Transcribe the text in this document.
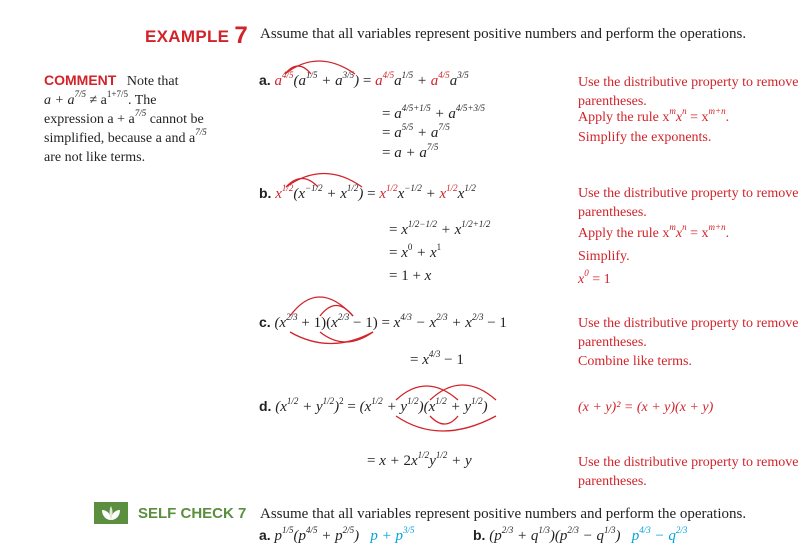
EXAMPLE 7 Assume that all variables represent positive numbers and perform the operations.
COMMENT Note that
$a + a^{7/5} \ne a^{1+7/5}$. The
expression $a + a^{7/5}$ cannot be
simplified, because a and $a^{7/5}$
are not like terms.
a. $a^{4/5}(a^{1/5} + a^{3/5}) = a^{4/5}a^{1/5} + a^{4/5}a^{3/5}$
= $a^{4/5+1/5} + a^{4/5+3/5}$
= $a^{5/5} + a^{7/5}$
= $a + a^{7/5}$
Use the distributive property to remove
parentheses.
Apply the rule $x^mx^n = x^{m+n}$.
Simplify the exponents.
b. $x^{1/2}(x^{-1/2} + x^{1/2}) = x^{1/2}x^{-1/2} + x^{1/2}x^{1/2}$
= $x^{1/2-1/2} + x^{1/2+1/2}$
= $x^0 + x^1$
= 1 + x
Use the distributive property to remove
parentheses.
Apply the rule $x^mx^n = x^{m+n}$.
Simplify.
$x^0 = 1$
c. $(x^{2/3} + 1)(x^{2/3} - 1) = x^{4/3} - x^{2/3} + x^{2/3} - 1$
= $x^{4/3} - 1$
Use the distributive property to remove
parentheses.
Combine like terms.
d. $(x^{1/2} + y^{1/2})^2 = (x^{1/2} + y^{1/2})(x^{1/2} + y^{1/2})$
= $x + 2x^{1/2}y^{1/2} + y$
(x + y)² = (x + y)(x + y)
Use the distributive property to remove
parentheses.
SELF CHECK 7 Assume that all variables represent positive numbers and perform the operations.
a. $p^{1/5}(p^{4/5} + p^{2/5}) p + p^{3/5}$	b. $(p^{2/3} + q^{1/3})(p^{2/3} - q^{1/3}) p^{4/3} - q^{2/3}$
